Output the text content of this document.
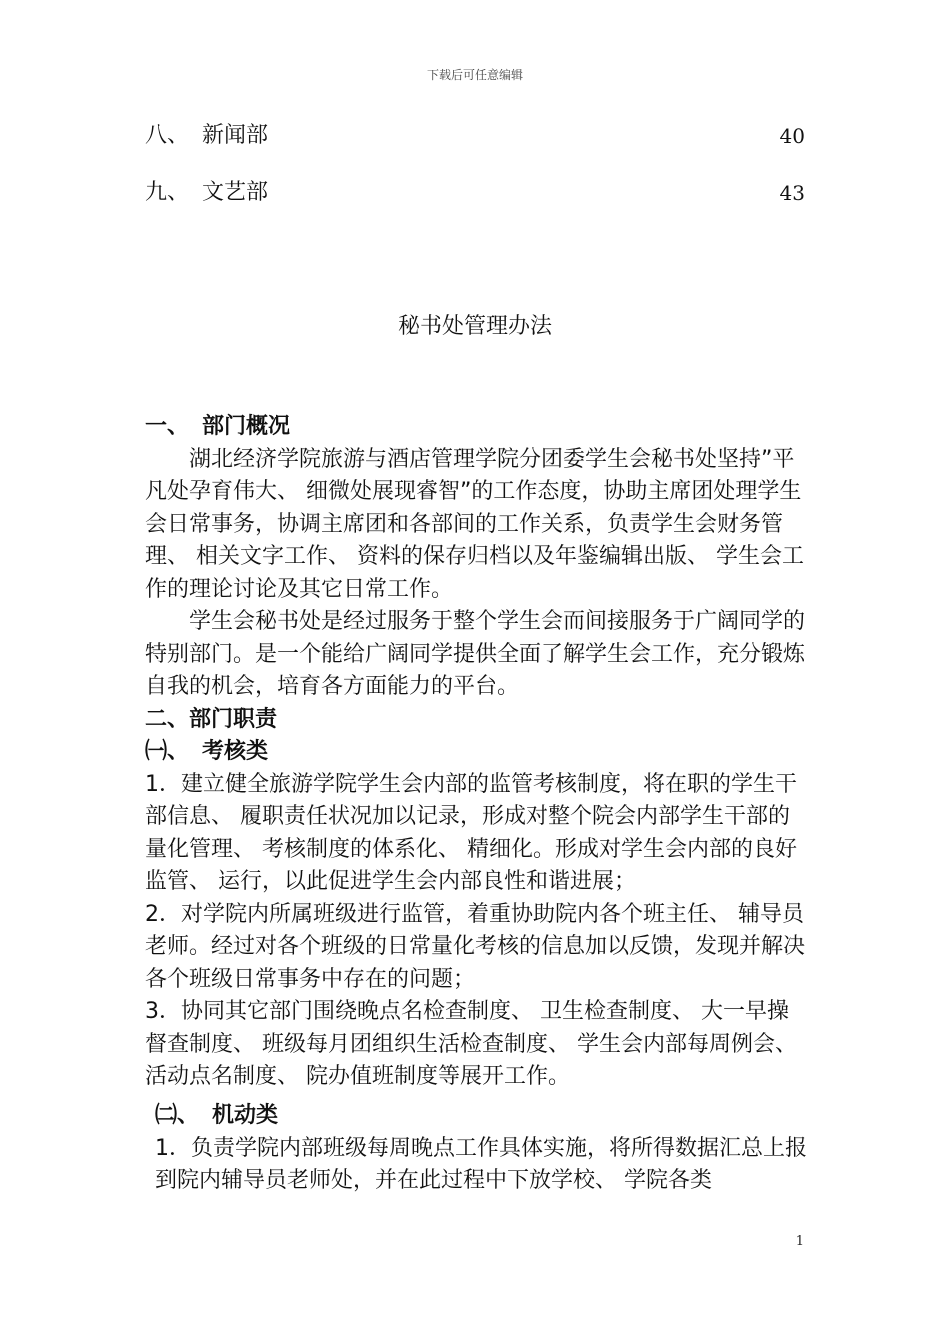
下载后可任意编辑
八、 新闻部	40
九、 文艺部	43
秘书处管理办法

一、 部门概况

湖北经济学院旅游与酒店管理学院分团委学生会秘书处坚持”平凡处孕育伟大、 细微处展现睿智”的工作态度，协助主席团处理学生会日常事务，协调主席团和各部间的工作关系，负责学生会财务管理、 相关文字工作、 资料的保存归档以及年鉴编辑出版、 学生会工作的理论讨论及其它日常工作。

学生会秘书处是经过服务于整个学生会而间接服务于广阔同学的特别部门。是一个能给广阔同学提供全面了解学生会工作，充分锻炼自我的机会，培育各方面能力的平台。

二、部门职责

㈠、 考核类

1．建立健全旅游学院学生会内部的监管考核制度，将在职的学生干部信息、 履职责任状况加以记录，形成对整个院会内部学生干部的量化管理、 考核制度的体系化、 精细化。形成对学生会内部的良好监管、 运行，以此促进学生会内部良性和谐进展；

2．对学院内所属班级进行监管，着重协助院内各个班主任、 辅导员老师。经过对各个班级的日常量化考核的信息加以反馈，发现并解决各个班级日常事务中存在的问题；

3．协同其它部门围绕晚点名检查制度、 卫生检查制度、 大一早操督查制度、 班级每月团组织生活检查制度、 学生会内部每周例会、 活动点名制度、 院办值班制度等展开工作。

㈡、 机动类

1．负责学院内部班级每周晚点工作具体实施，将所得数据汇总上报到院内辅导员老师处，并在此过程中下放学校、 学院各类

1
